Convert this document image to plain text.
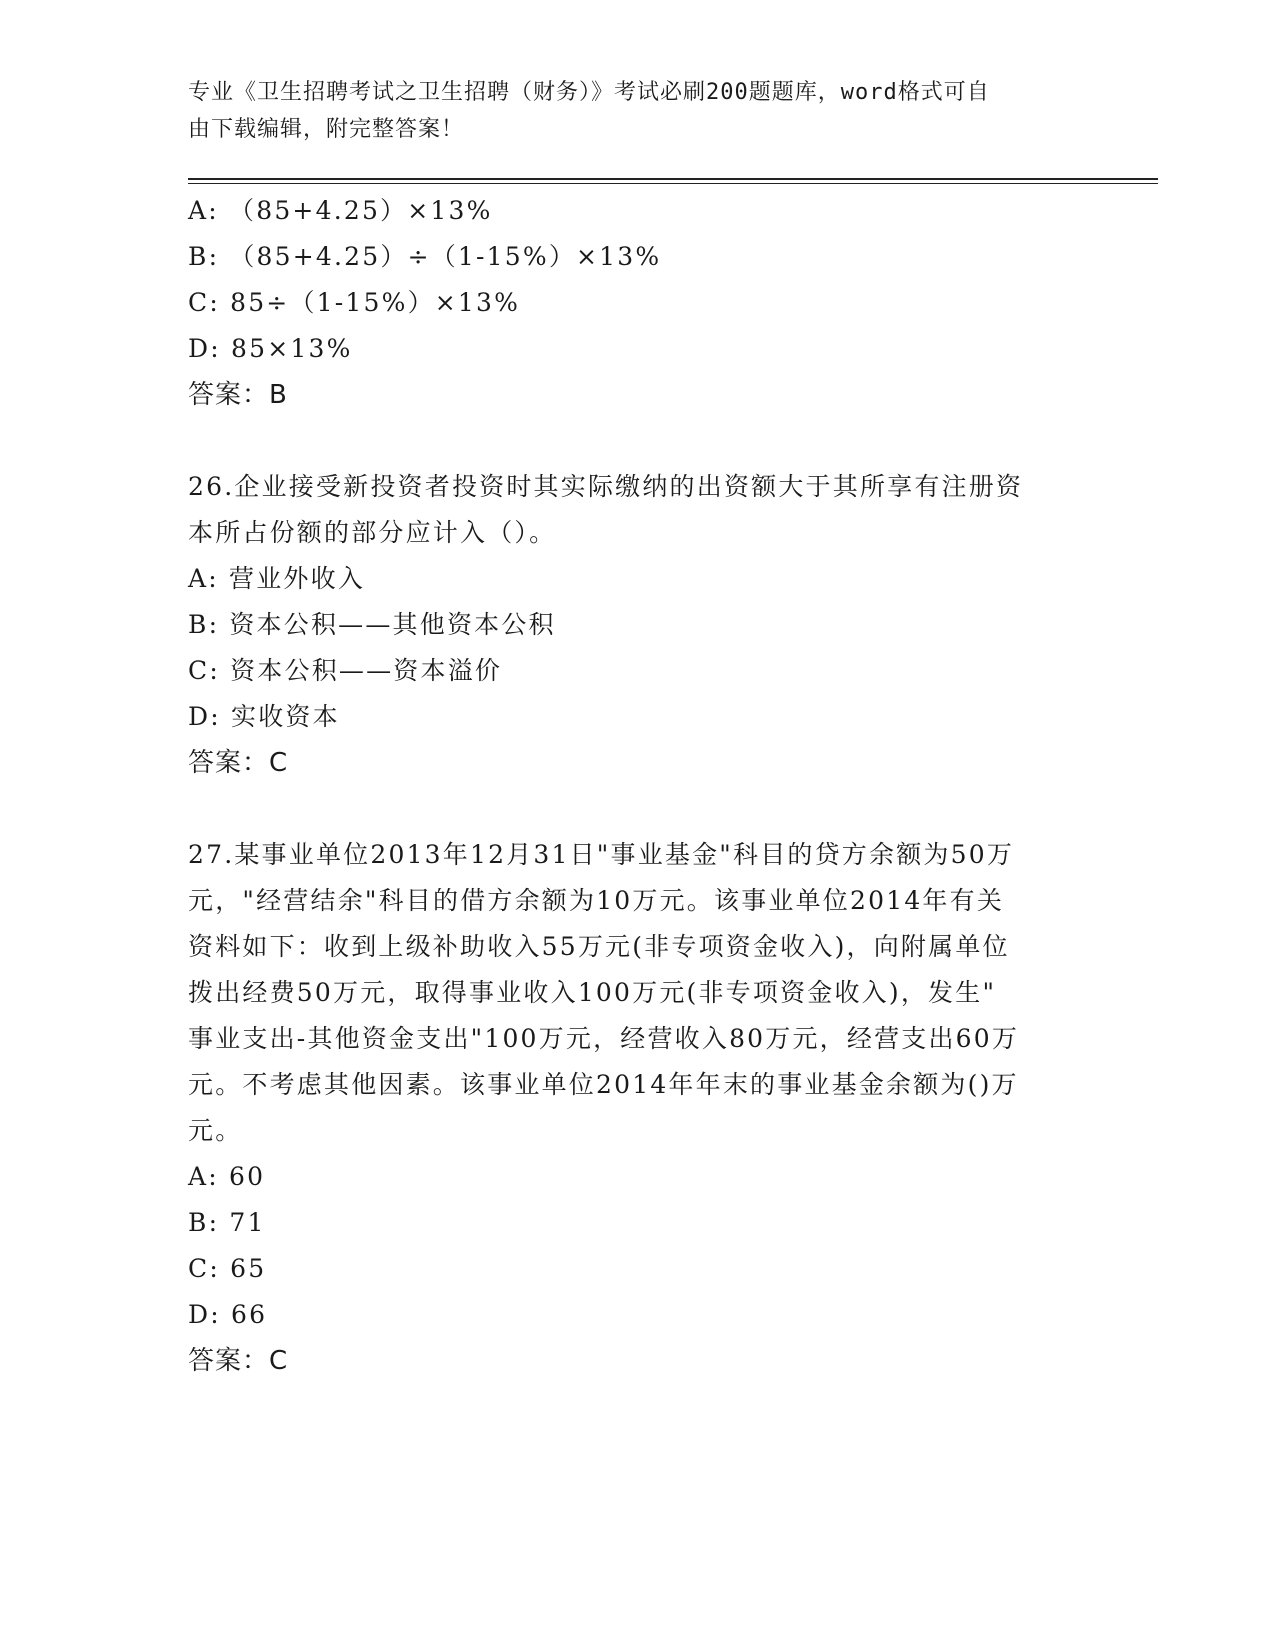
专业《卫生招聘考试之卫生招聘（财务）》考试必刷200题题库，word格式可自
由下载编辑，附完整答案！
A: （85+4.25）×13%
B: （85+4.25）÷（1-15%）×13%
C: 85÷（1-15%）×13%
D: 85×13%
答案：B
26.企业接受新投资者投资时其实际缴纳的出资额大于其所享有注册资
本所占份额的部分应计入（）。
A: 营业外收入
B: 资本公积——其他资本公积
C: 资本公积——资本溢价
D: 实收资本
答案：C
27.某事业单位2013年12月31日"事业基金"科目的贷方余额为50万
元，"经营结余"科目的借方余额为10万元。该事业单位2014年有关
资料如下：收到上级补助收入55万元(非专项资金收入)，向附属单位
拨出经费50万元，取得事业收入100万元(非专项资金收入)，发生"
事业支出-其他资金支出"100万元，经营收入80万元，经营支出60万
元。不考虑其他因素。该事业单位2014年年末的事业基金余额为()万
元。
A: 60
B: 71
C: 65
D: 66
答案：C
